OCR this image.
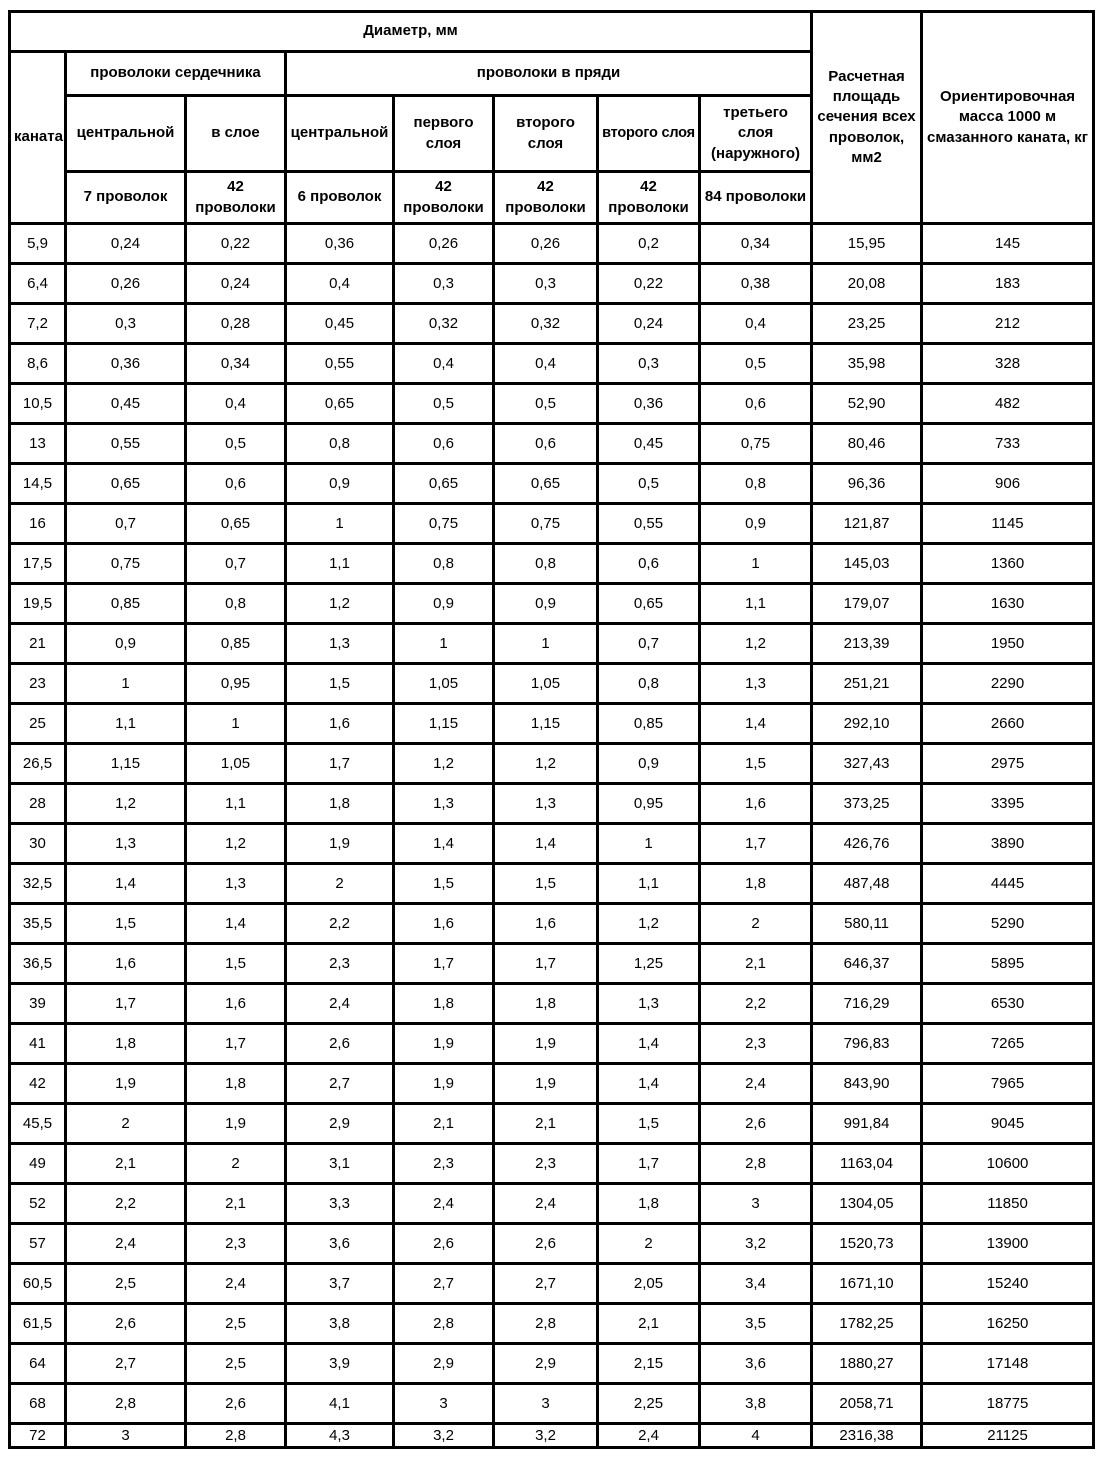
Диаметр, мм								Расчетная площадь сечения всех проволок, мм2	Ориентировочная масса 1000 м смазанного каната, кг
каната	проволоки сердечника		проволоки в пряди						
	центральной	в слое	центральной	первого слоя	второго слоя	второго слоя	третьего слоя (наружного)		
	7 проволок	42 проволоки	6 проволок	42 проволоки	42 проволоки	42 проволоки	84 проволоки		
5,9	0,24	0,22	0,36	0,26	0,26	0,2	0,34	15,95	145
6,4	0,26	0,24	0,4	0,3	0,3	0,22	0,38	20,08	183
7,2	0,3	0,28	0,45	0,32	0,32	0,24	0,4	23,25	212
8,6	0,36	0,34	0,55	0,4	0,4	0,3	0,5	35,98	328
10,5	0,45	0,4	0,65	0,5	0,5	0,36	0,6	52,90	482
13	0,55	0,5	0,8	0,6	0,6	0,45	0,75	80,46	733
14,5	0,65	0,6	0,9	0,65	0,65	0,5	0,8	96,36	906
16	0,7	0,65	1	0,75	0,75	0,55	0,9	121,87	1145
17,5	0,75	0,7	1,1	0,8	0,8	0,6	1	145,03	1360
19,5	0,85	0,8	1,2	0,9	0,9	0,65	1,1	179,07	1630
21	0,9	0,85	1,3	1	1	0,7	1,2	213,39	1950
23	1	0,95	1,5	1,05	1,05	0,8	1,3	251,21	2290
25	1,1	1	1,6	1,15	1,15	0,85	1,4	292,10	2660
26,5	1,15	1,05	1,7	1,2	1,2	0,9	1,5	327,43	2975
28	1,2	1,1	1,8	1,3	1,3	0,95	1,6	373,25	3395
30	1,3	1,2	1,9	1,4	1,4	1	1,7	426,76	3890
32,5	1,4	1,3	2	1,5	1,5	1,1	1,8	487,48	4445
35,5	1,5	1,4	2,2	1,6	1,6	1,2	2	580,11	5290
36,5	1,6	1,5	2,3	1,7	1,7	1,25	2,1	646,37	5895
39	1,7	1,6	2,4	1,8	1,8	1,3	2,2	716,29	6530
41	1,8	1,7	2,6	1,9	1,9	1,4	2,3	796,83	7265
42	1,9	1,8	2,7	1,9	1,9	1,4	2,4	843,90	7965
45,5	2	1,9	2,9	2,1	2,1	1,5	2,6	991,84	9045
49	2,1	2	3,1	2,3	2,3	1,7	2,8	1163,04	10600
52	2,2	2,1	3,3	2,4	2,4	1,8	3	1304,05	11850
57	2,4	2,3	3,6	2,6	2,6	2	3,2	1520,73	13900
60,5	2,5	2,4	3,7	2,7	2,7	2,05	3,4	1671,10	15240
61,5	2,6	2,5	3,8	2,8	2,8	2,1	3,5	1782,25	16250
64	2,7	2,5	3,9	2,9	2,9	2,15	3,6	1880,27	17148
68	2,8	2,6	4,1	3	3	2,25	3,8	2058,71	18775
72	3	2,8	4,3	3,2	3,2	2,4	4	2316,38	21125
